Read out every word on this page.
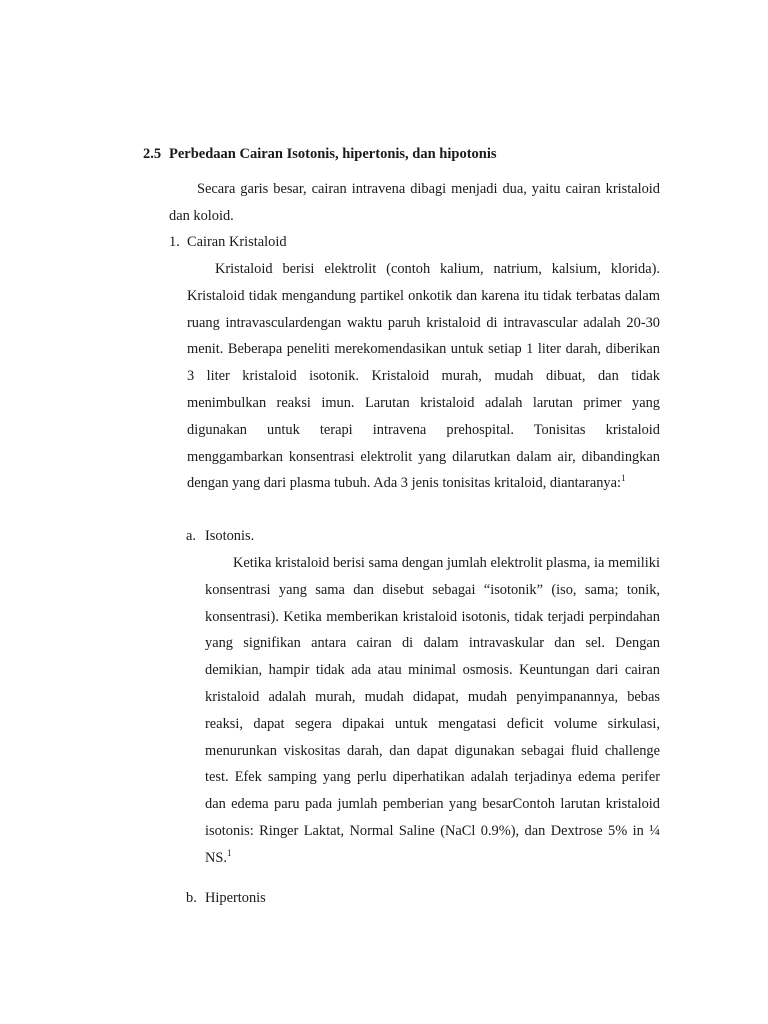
2.5 Perbedaan Cairan Isotonis, hipertonis, dan hipotonis

Secara garis besar, cairan intravena dibagi menjadi dua, yaitu cairan kristaloid dan koloid.

1. Cairan Kristaloid

Kristaloid berisi elektrolit (contoh kalium, natrium, kalsium, klorida). Kristaloid tidak mengandung partikel onkotik dan karena itu tidak terbatas dalam ruang intravasculardengan waktu paruh kristaloid di intravascular adalah 20-30 menit. Beberapa peneliti merekomendasikan untuk setiap 1 liter darah, diberikan 3 liter kristaloid isotonik. Kristaloid murah, mudah dibuat, dan tidak menimbulkan reaksi imun. Larutan kristaloid adalah larutan primer yang digunakan untuk terapi intravena prehospital. Tonisitas kristaloid menggambarkan konsentrasi elektrolit yang dilarutkan dalam air, dibandingkan dengan yang dari plasma tubuh. Ada 3 jenis tonisitas kritaloid, diantaranya:$^1$

a. Isotonis.

Ketika kristaloid berisi sama dengan jumlah elektrolit plasma, ia memiliki konsentrasi yang sama dan disebut sebagai “isotonik” (iso, sama; tonik, konsentrasi). Ketika memberikan kristaloid isotonis, tidak terjadi perpindahan yang signifikan antara cairan di dalam intravaskular dan sel. Dengan demikian, hampir tidak ada atau minimal osmosis. Keuntungan dari cairan kristaloid adalah murah, mudah didapat, mudah penyimpanannya, bebas reaksi, dapat segera dipakai untuk mengatasi deficit volume sirkulasi, menurunkan viskositas darah, dan dapat digunakan sebagai fluid challenge test. Efek samping yang perlu diperhatikan adalah terjadinya edema perifer dan edema paru pada jumlah pemberian yang besarContoh larutan kristaloid isotonis: Ringer Laktat, Normal Saline (NaCl 0.9%), dan Dextrose 5% in ¼ NS.$^1$

b. Hipertonis
